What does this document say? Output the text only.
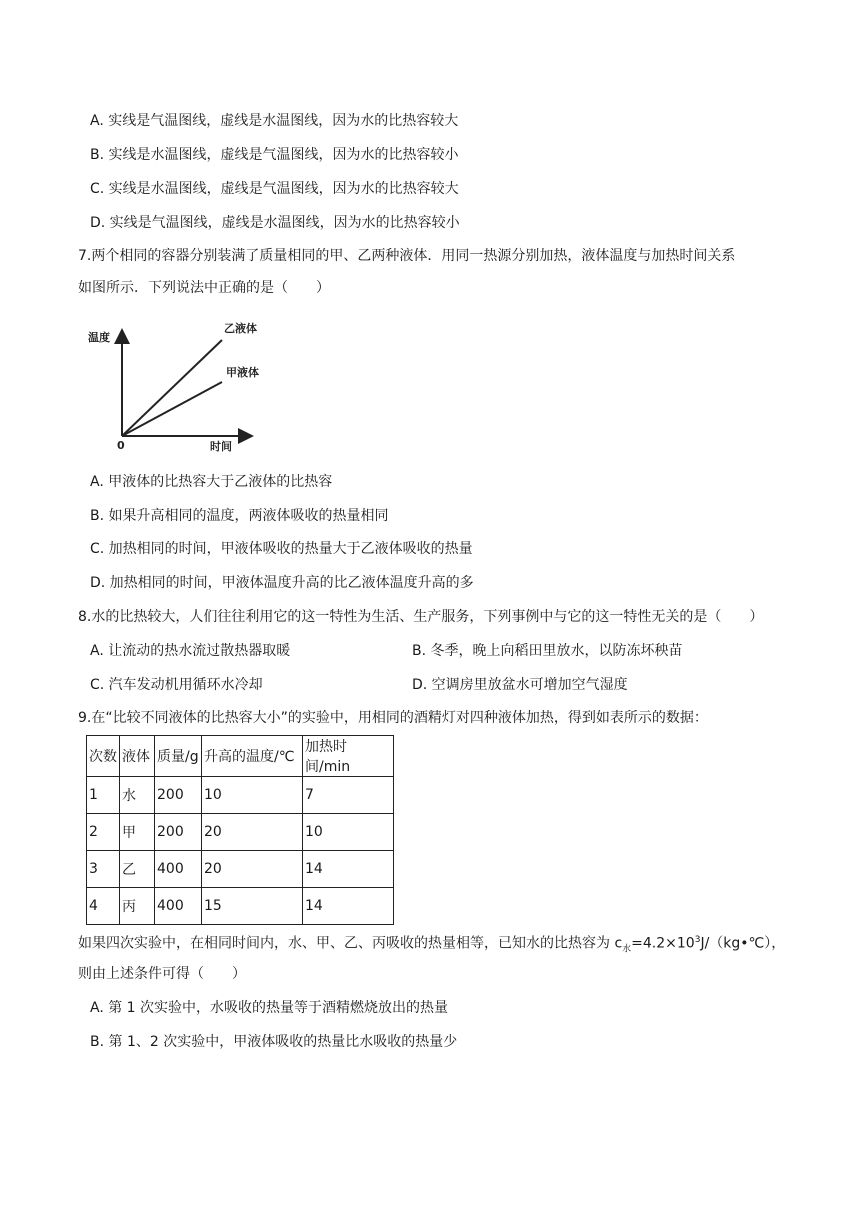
A. 实线是气温图线，虚线是水温图线，因为水的比热容较大
B. 实线是水温图线，虚线是气温图线，因为水的比热容较小
C. 实线是水温图线，虚线是气温图线，因为水的比热容较大
D. 实线是气温图线，虚线是水温图线，因为水的比热容较小
7.两个相同的容器分别装满了质量相同的甲、乙两种液体．用同一热源分别加热，液体温度与加热时间关系
如图所示．下列说法中正确的是（　　）
温度
时间
0
乙液体
甲液体
A. 甲液体的比热容大于乙液体的比热容
B. 如果升高相同的温度，两液体吸收的热量相同
C. 加热相同的时间，甲液体吸收的热量大于乙液体吸收的热量
D. 加热相同的时间，甲液体温度升高的比乙液体温度升高的多
8.水的比热较大，人们往往利用它的这一特性为生活、生产服务，下列事例中与它的这一特性无关的是（　　）
A. 让流动的热水流过散热器取暖	B. 冬季，晚上向稻田里放水，以防冻坏秧苗
C. 汽车发动机用循环水冷却	D. 空调房里放盆水可增加空气湿度
9.在“比较不同液体的比热容大小”的实验中，用相同的酒精灯对四种液体加热，得到如表所示的数据：
次数	液体	质量/g	升高的温度/℃	加热时间/min
1	水	200	10	7
2	甲	200	20	10
3	乙	400	20	14
4	丙	400	15	14
如果四次实验中，在相同时间内，水、甲、乙、丙吸收的热量相等，已知水的比热容为 $c_水=4.2\times 10^3J/(kg•℃)$，
则由上述条件可得（　　）
A. 第 1 次实验中，水吸收的热量等于酒精燃烧放出的热量
B. 第 1、2 次实验中，甲液体吸收的热量比水吸收的热量少
